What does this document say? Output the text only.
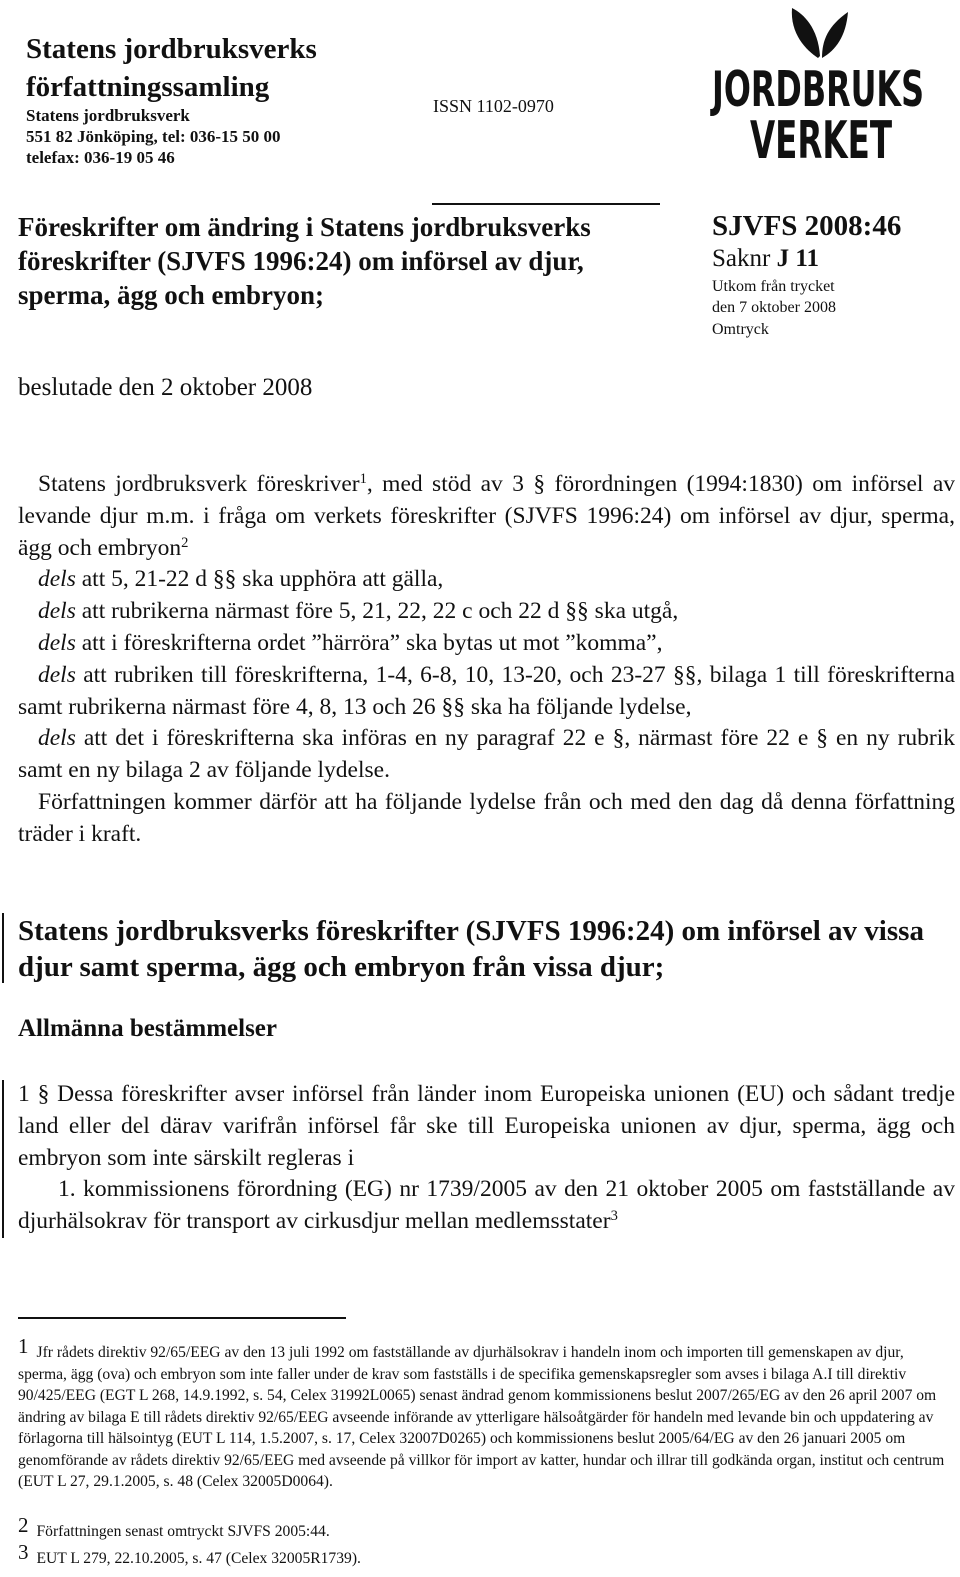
Statens jordbruksverks
författningssamling
Statens jordbruksverk
551 82 Jönköping, tel: 036-15 50 00
telefax: 036-19 05 46
ISSN 1102-0970	JORDBRUKS
VERKET
Föreskrifter om ändring i Statens jordbruksverks
föreskrifter (SJVFS 1996:24) om införsel av djur,
sperma, ägg och embryon;
SJVFS 2008:46
Saknr J 11
Utkom från trycket
den 7 oktober 2008
Omtryck
beslutade den 2 oktober 2008

Statens jordbruksverk föreskriver$^1$, med stöd av 3 § förordningen (1994:1830) om införsel av levande djur m.m. i fråga om verkets föreskrifter (SJVFS 1996:24) om införsel av djur, sperma, ägg och embryon$^2$

dels att 5, 21-22 d §§ ska upphöra att gälla,

dels att rubrikerna närmast före 5, 21, 22, 22 c och 22 d §§ ska utgå,

dels att i föreskrifterna ordet ”härröra” ska bytas ut mot ”komma”,

dels att rubriken till föreskrifterna, 1-4, 6-8, 10, 13-20, och 23-27 §§, bilaga 1 till föreskrifterna samt rubrikerna närmast före 4, 8, 13 och 26 §§ ska ha följande lydelse,

dels att det i föreskrifterna ska införas en ny paragraf 22 e §, närmast före 22 e § en ny rubrik samt en ny bilaga 2 av följande lydelse.

Författningen kommer därför att ha följande lydelse från och med den dag då denna författning träder i kraft.

Statens jordbruksverks föreskrifter (SJVFS 1996:24) om införsel av vissa djur samt sperma, ägg och embryon från vissa djur;
Allmänna bestämmelser

1 § Dessa föreskrifter avser införsel från länder inom Europeiska unionen (EU) och sådant tredje land eller del därav varifrån införsel får ske till Europeiska unionen av djur, sperma, ägg och embryon som inte särskilt regleras i

1. kommissionens förordning (EG) nr 1739/2005 av den 21 oktober 2005 om fastställande av djurhälsokrav för transport av cirkusdjur mellan medlemsstater$^3$

1 Jfr rådets direktiv 92/65/EEG av den 13 juli 1992 om fastställande av djurhälsokrav i handeln inom och importen till gemenskapen av djur, sperma, ägg (ova) och embryon som inte faller under de krav som fastställs i de specifika gemenskapsregler som avses i bilaga A.I till direktiv 90/425/EEG (EGT L 268, 14.9.1992, s. 54, Celex 31992L0065) senast ändrad genom kommissionens beslut 2007/265/EG av den 26 april 2007 om ändring av bilaga E till rådets direktiv 92/65/EEG avseende införande av ytterligare hälsoåtgärder för handeln med levande bin och uppdatering av förlagorna till hälsointyg (EUT L 114, 1.5.2007, s. 17, Celex 32007D0265) och kommissionens beslut 2005/64/EG av den 26 januari 2005 om genomförande av rådets direktiv 92/65/EEG med avseende på villkor för import av katter, hundar och illrar till godkända organ, institut och centrum (EUT L 27, 29.1.2005, s. 48 (Celex 32005D0064).

2 Författningen senast omtryckt SJVFS 2005:44.

3 EUT L 279, 22.10.2005, s. 47 (Celex 32005R1739).
